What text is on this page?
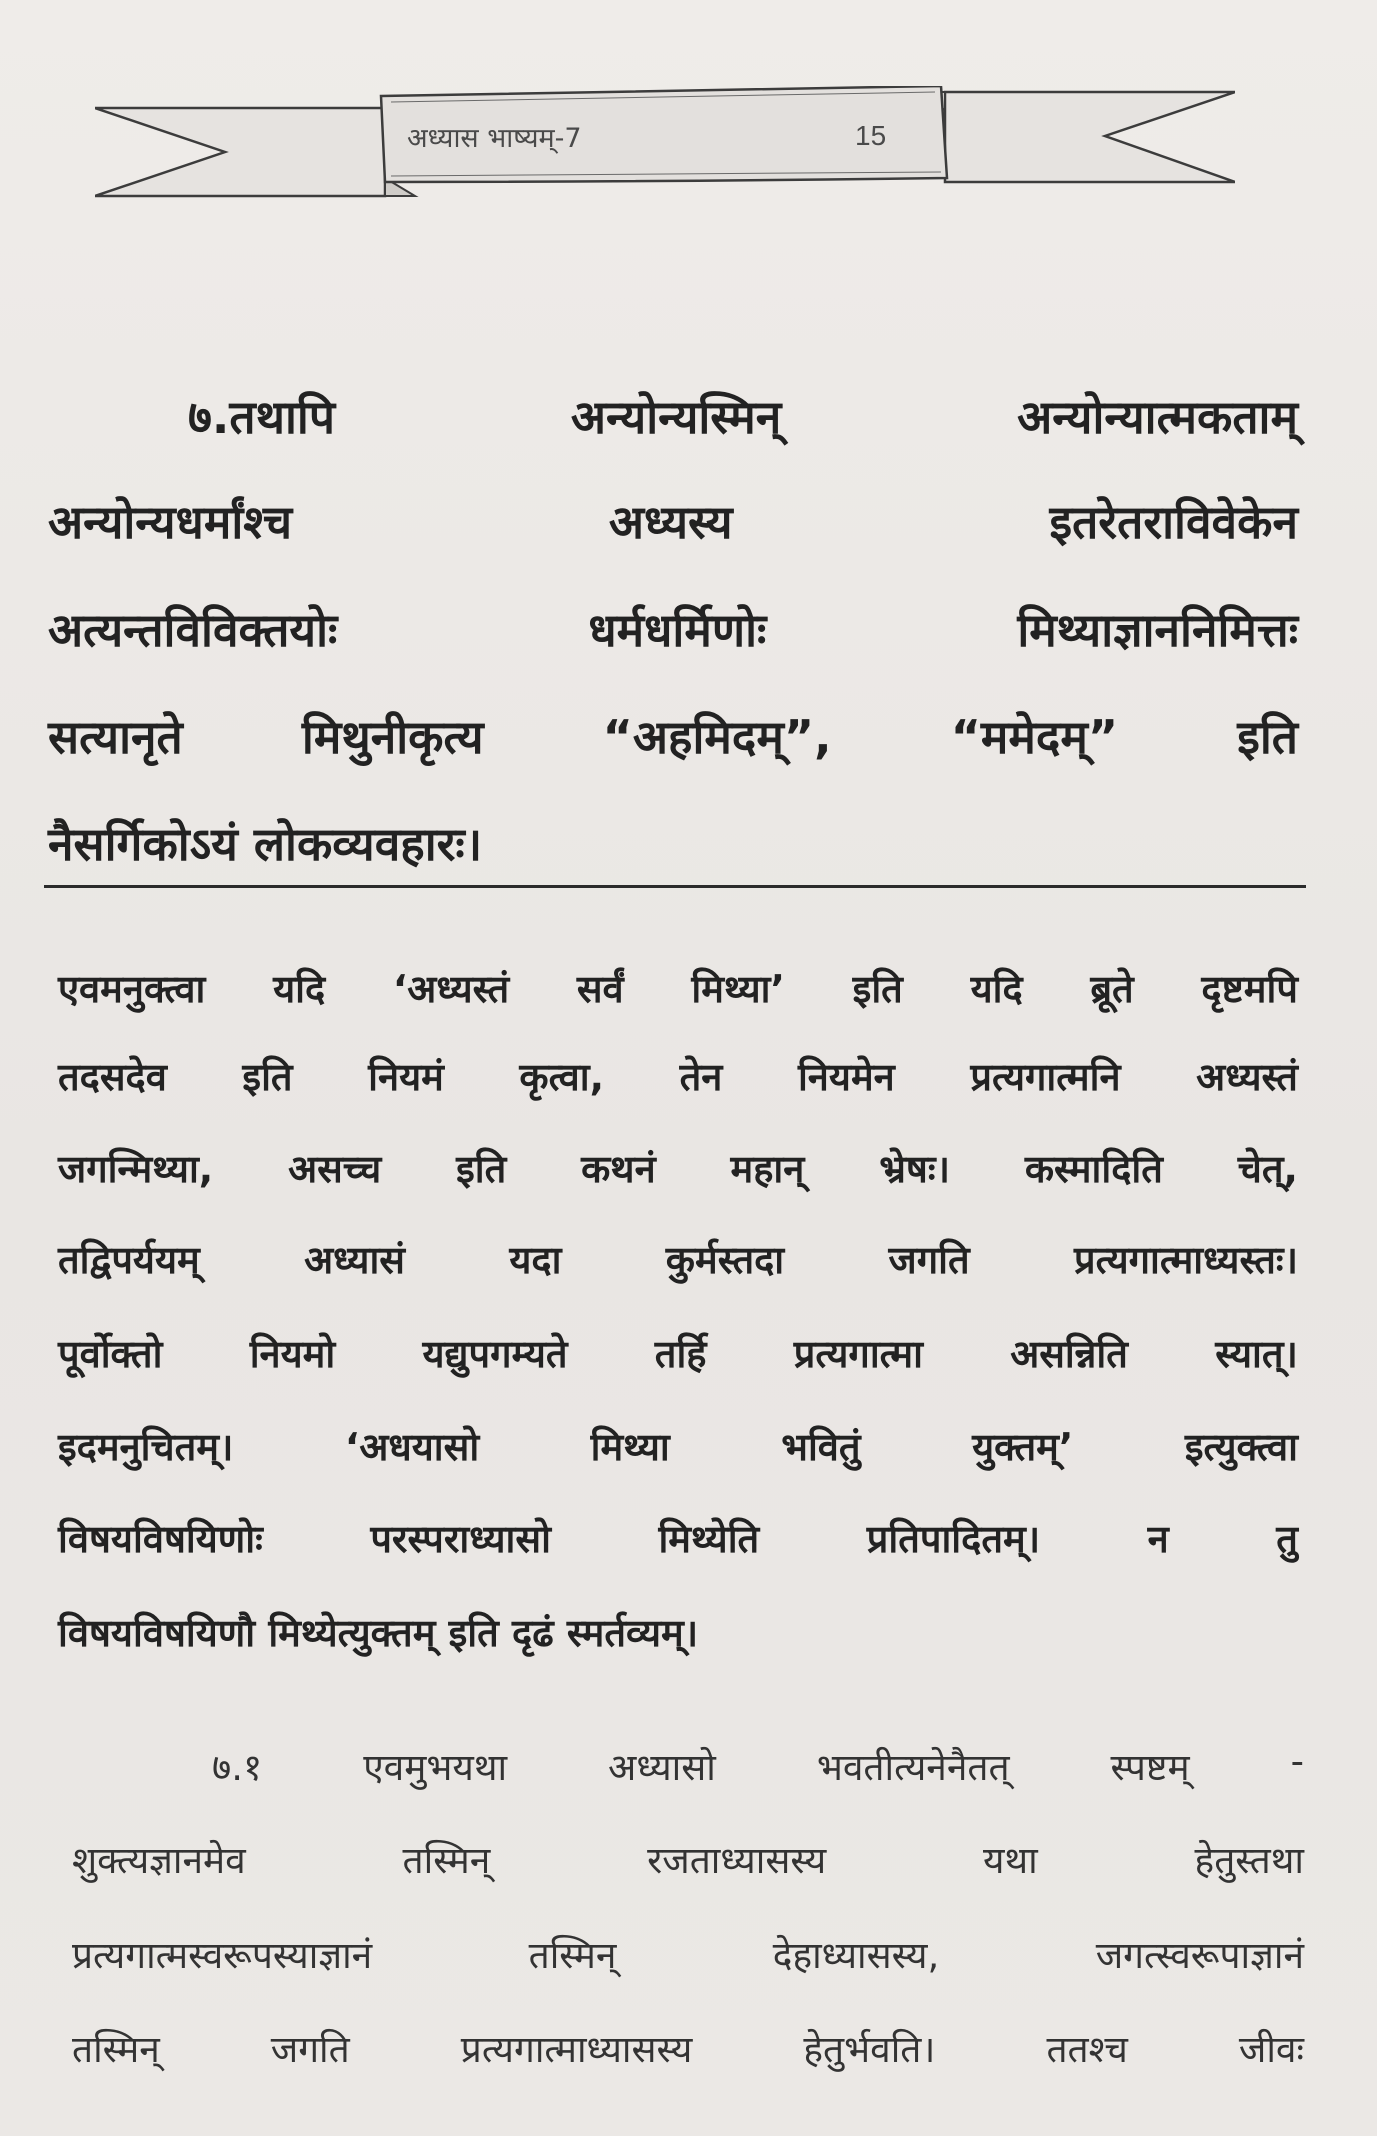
अध्यास भाष्यम्-7	15
७.तथापि	अन्योन्यस्मिन्	अन्योन्यात्मकताम्
अन्योन्यधर्मांश्च	अध्यस्य	इतरेतराविवेकेन
अत्यन्तविविक्तयोः	धर्मधर्मिणोः	मिथ्याज्ञाननिमित्तः
सत्यानृते	मिथुनीकृत्य	“अहमिदम्”,	“ममेदम्”	इति
नैसर्गिकोऽयं लोकव्यवहारः।
एवमनुक्त्वा यदि ‘अध्यस्तं सर्वं मिथ्या’ इति यदि ब्रूते दृष्टमपि
तदसदेव इति नियमं कृत्वा, तेन नियमेन प्रत्यगात्मनि अध्यस्तं
जगन्मिथ्या, असच्च इति कथनं महान् भ्रेषः। कस्मादिति चेत्,
तद्विपर्ययम्	अध्यासं	यदा	कुर्मस्तदा	जगति	प्रत्यगात्माध्यस्तः।
पूर्वोक्तो नियमो यद्युपगम्यते तर्हि प्रत्यगात्मा असन्निति स्यात्।
इदमनुचितम्।	‘अधयासो	मिथ्या	भवितुं	युक्तम्’	इत्युक्त्वा
विषयविषयिणोः	परस्पराध्यासो	मिथ्येति	प्रतिपादितम्।	न	तु
विषयविषयिणौ मिथ्येत्युक्तम् इति दृढं स्मर्तव्यम्।
७.१	एवमुभयथा	अध्यासो	भवतीत्यनेनैतत्	स्पष्टम्	-
शुक्त्यज्ञानमेव	तस्मिन्	रजताध्यासस्य	यथा	हेतुस्तथा
प्रत्यगात्मस्वरूपस्याज्ञानं	तस्मिन्	देहाध्यासस्य,	जगत्स्वरूपाज्ञानं
तस्मिन्	जगति	प्रत्यगात्माध्यासस्य	हेतुर्भवति।	ततश्च	जीवः
